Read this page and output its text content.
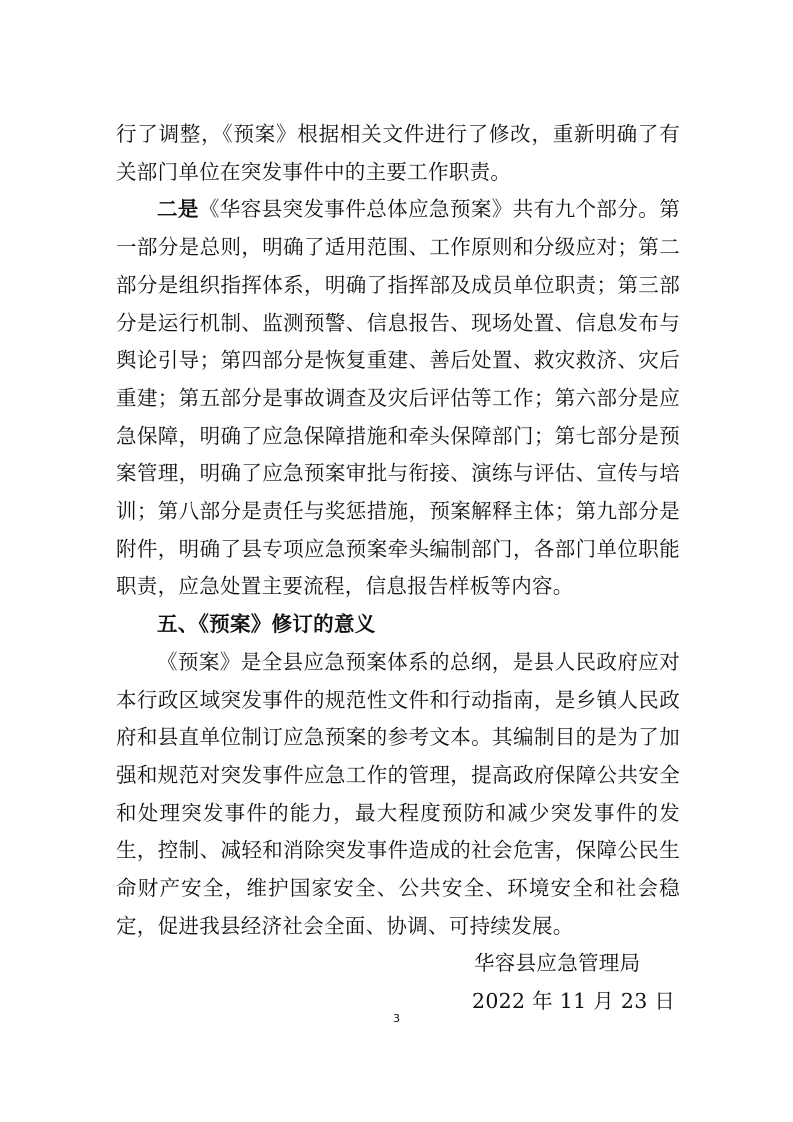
行了调整，《预案》根据相关文件进行了修改，重新明确了有关部门单位在突发事件中的主要工作职责。

二是《华容县突发事件总体应急预案》共有九个部分。第一部分是总则，明确了适用范围、工作原则和分级应对；第二部分是组织指挥体系，明确了指挥部及成员单位职责；第三部分是运行机制、监测预警、信息报告、现场处置、信息发布与舆论引导；第四部分是恢复重建、善后处置、救灾救济、灾后重建；第五部分是事故调查及灾后评估等工作；第六部分是应急保障，明确了应急保障措施和牵头保障部门；第七部分是预案管理，明确了应急预案审批与衔接、演练与评估、宣传与培训；第八部分是责任与奖惩措施，预案解释主体；第九部分是附件，明确了县专项应急预案牵头编制部门，各部门单位职能职责，应急处置主要流程，信息报告样板等内容。

五、《预案》修订的意义

《预案》是全县应急预案体系的总纲，是县人民政府应对本行政区域突发事件的规范性文件和行动指南，是乡镇人民政府和县直单位制订应急预案的参考文本。其编制目的是为了加强和规范对突发事件应急工作的管理，提高政府保障公共安全和处理突发事件的能力，最大程度预防和减少突发事件的发生，控制、减轻和消除突发事件造成的社会危害，保障公民生命财产安全，维护国家安全、公共安全、环境安全和社会稳定，促进我县经济社会全面、协调、可持续发展。

华容县应急管理局
2022 年 11 月 23 日
3
